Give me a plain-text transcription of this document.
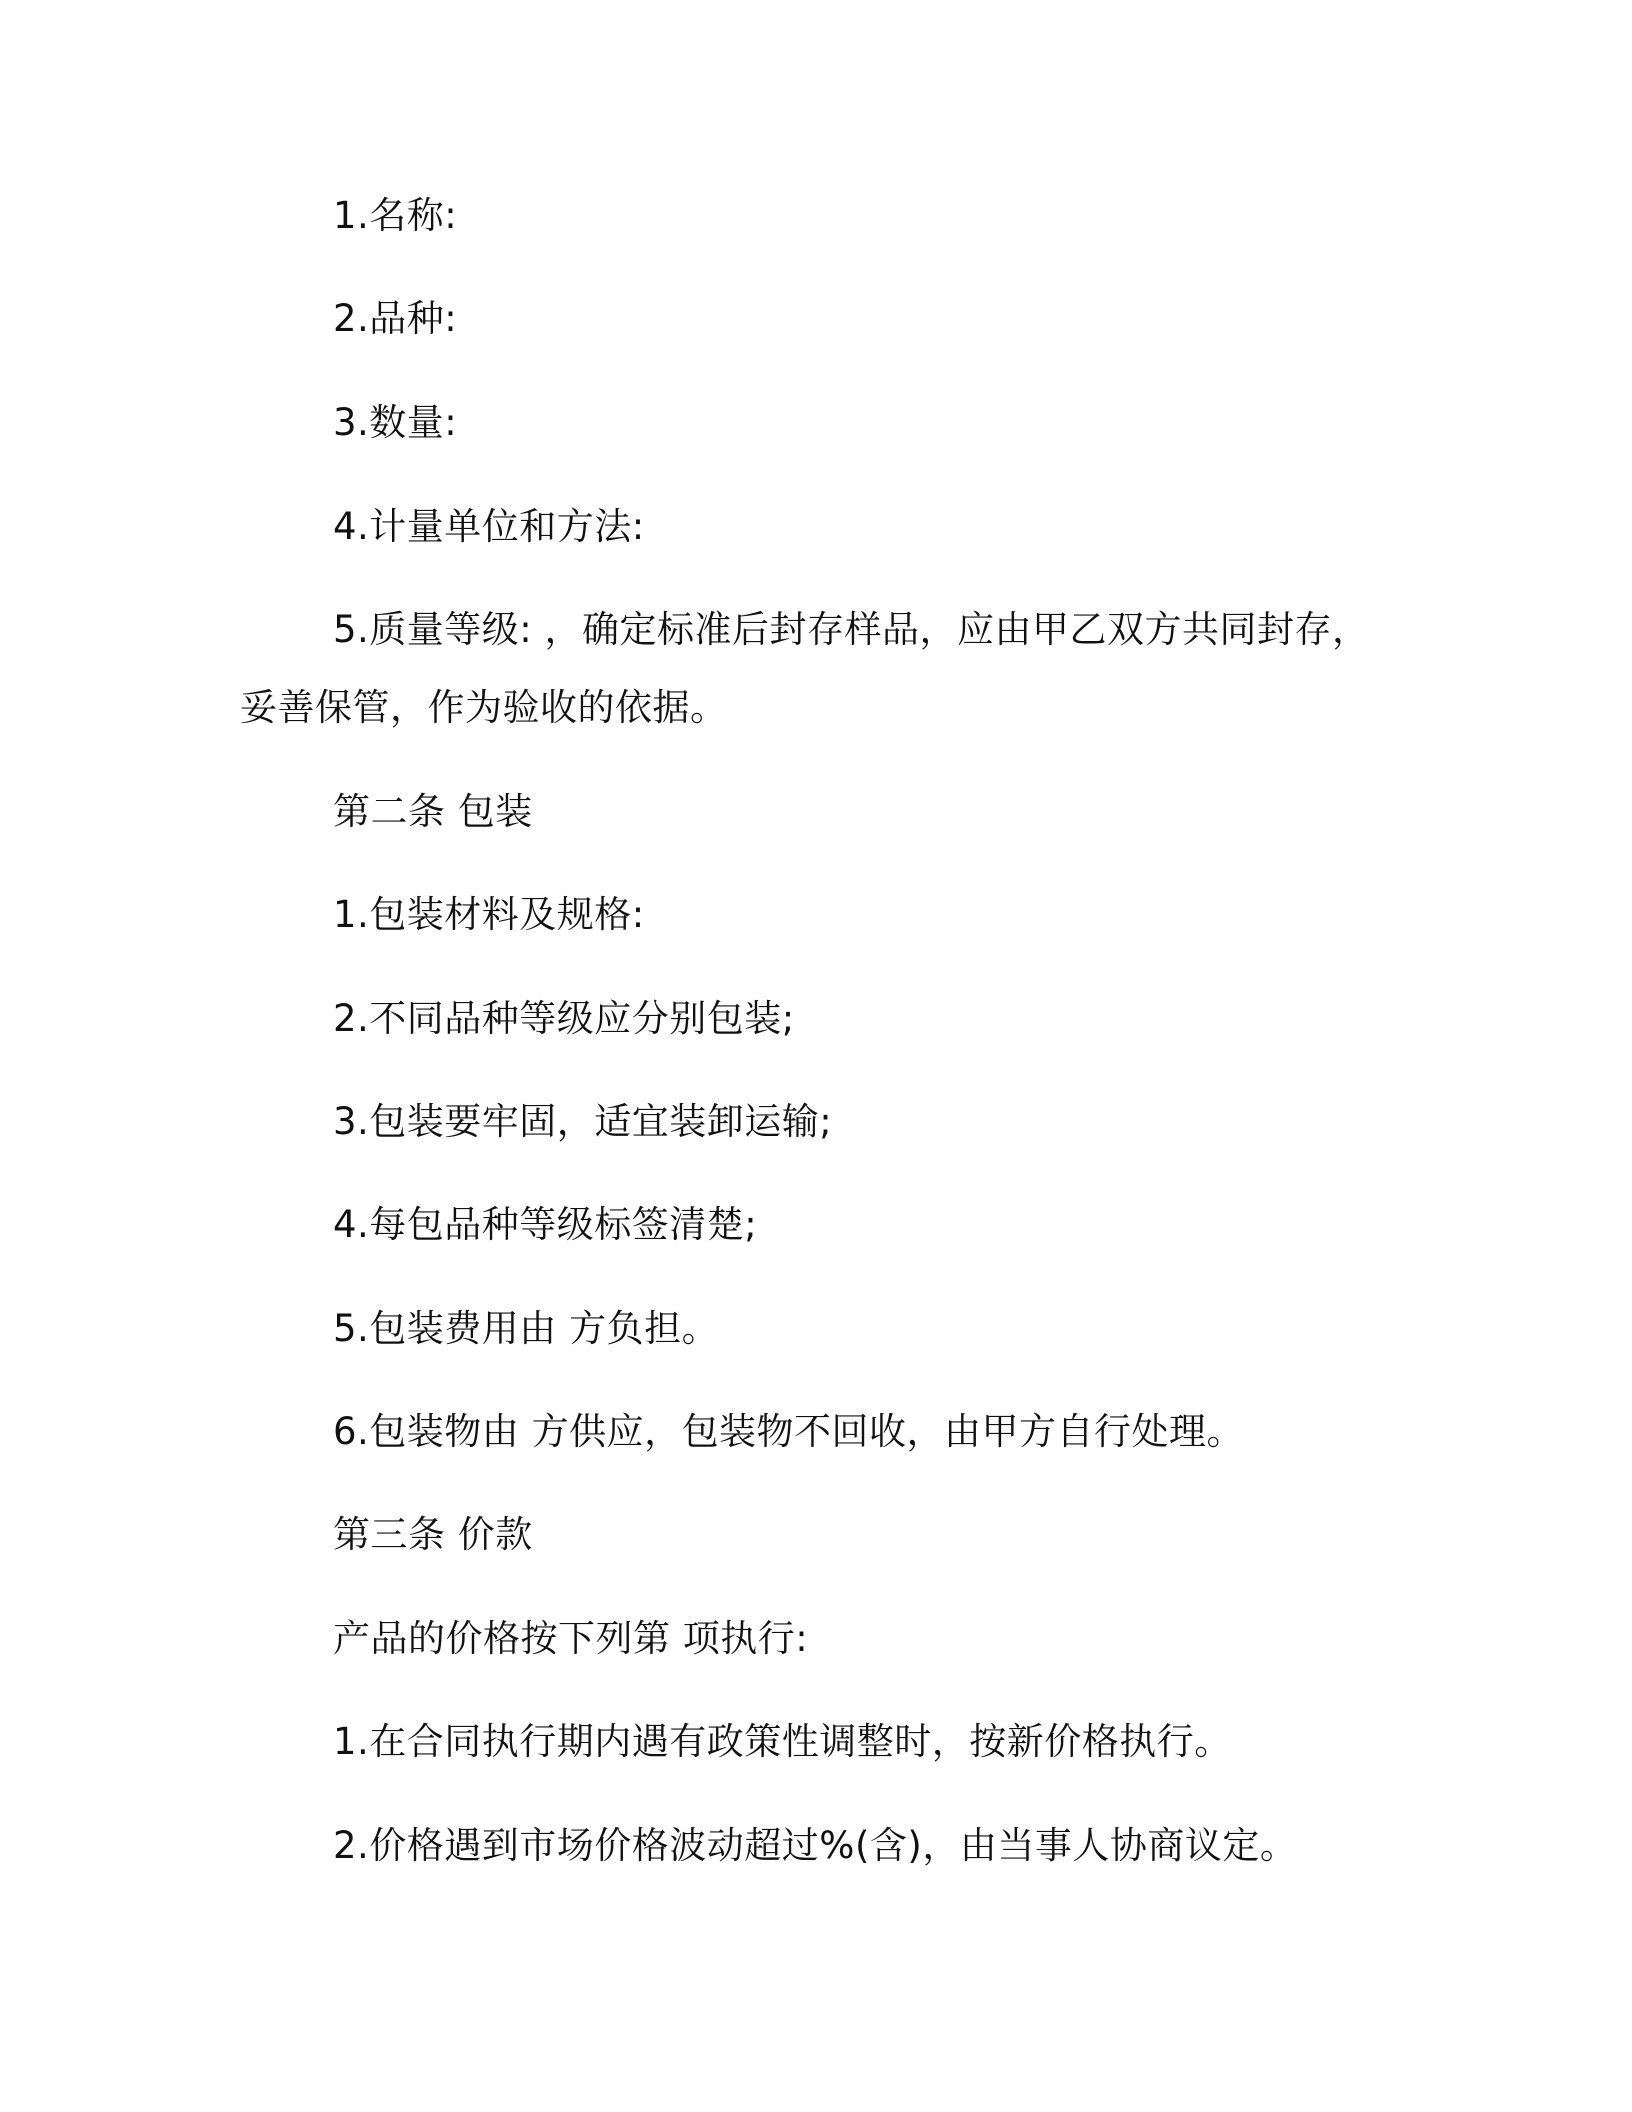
1.名称:

2.品种:

3.数量:

4.计量单位和方法:

5.质量等级: ，确定标准后封存样品，应由甲乙双方共同封存，

妥善保管，作为验收的依据。

第二条 包装

1.包装材料及规格:

2.不同品种等级应分别包装;

3.包装要牢固，适宜装卸运输;

4.每包品种等级标签清楚;

5.包装费用由 方负担。

6.包装物由 方供应，包装物不回收，由甲方自行处理。

第三条 价款

产品的价格按下列第 项执行:

1.在合同执行期内遇有政策性调整时，按新价格执行。

2.价格遇到市场价格波动超过%(含)，由当事人协商议定。
